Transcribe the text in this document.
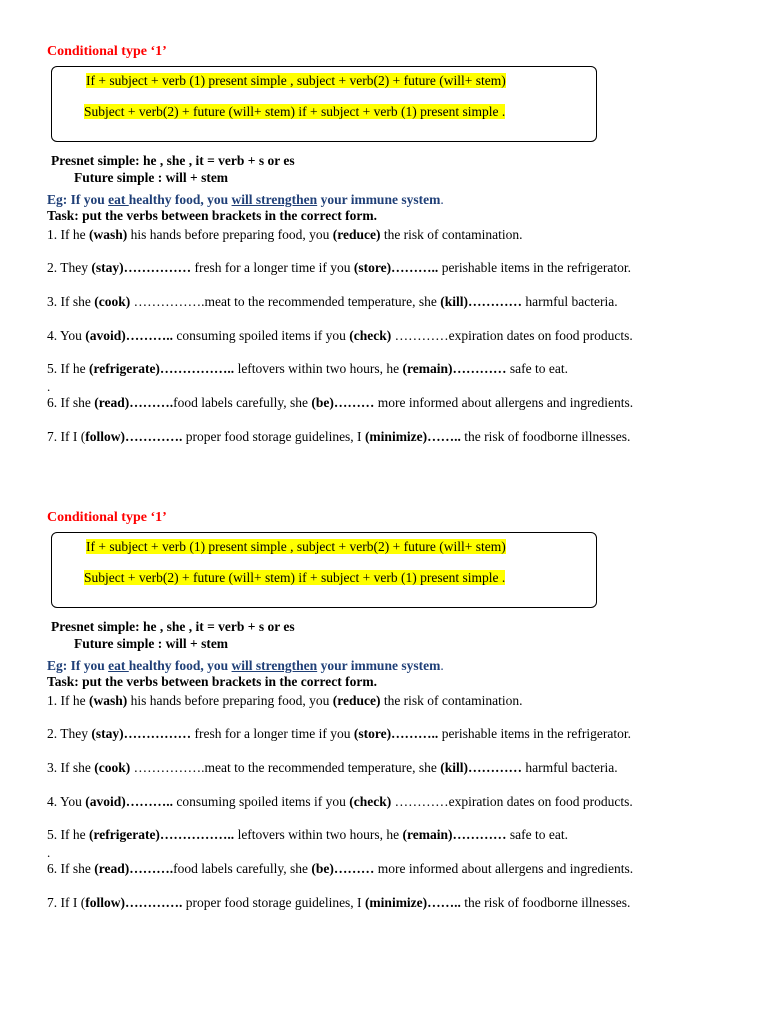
Conditional type ‘1’
If + subject + verb (1) present simple , subject + verb(2) + future (will+ stem)
Subject + verb(2) + future (will+ stem) if + subject + verb (1) present simple .
Presnet simple: he , she , it = verb + s or es
Future simple : will + stem
Eg: If you eat healthy food, you will strengthen your immune system.
Task: put the verbs between brackets in the correct form.
1. If he (wash) his hands before preparing food, you (reduce) the risk of contamination.
2. They (stay)…………… fresh for a longer time if you (store)……….. perishable items in the refrigerator.
3. If she (cook) …………….meat to the recommended temperature, she (kill)………… harmful bacteria.
4. You (avoid)……….. consuming spoiled items if you (check) …………expiration dates on food products.
5. If he (refrigerate)…………….. leftovers within two hours, he (remain)………… safe to eat.
.
6. If she (read)……….food labels carefully, she (be)……… more informed about allergens and ingredients.
7. If I (follow)…………. proper food storage guidelines, I (minimize)…….. the risk of foodborne illnesses.
Conditional type ‘1’
If + subject + verb (1) present simple , subject + verb(2) + future (will+ stem)
Subject + verb(2) + future (will+ stem) if + subject + verb (1) present simple .
Presnet simple: he , she , it = verb + s or es
Future simple : will + stem
Eg: If you eat healthy food, you will strengthen your immune system.
Task: put the verbs between brackets in the correct form.
1. If he (wash) his hands before preparing food, you (reduce) the risk of contamination.
2. They (stay)…………… fresh for a longer time if you (store)……….. perishable items in the refrigerator.
3. If she (cook) …………….meat to the recommended temperature, she (kill)………… harmful bacteria.
4. You (avoid)……….. consuming spoiled items if you (check) …………expiration dates on food products.
5. If he (refrigerate)…………….. leftovers within two hours, he (remain)………… safe to eat.
.
6. If she (read)……….food labels carefully, she (be)……… more informed about allergens and ingredients.
7. If I (follow)…………. proper food storage guidelines, I (minimize)…….. the risk of foodborne illnesses.
